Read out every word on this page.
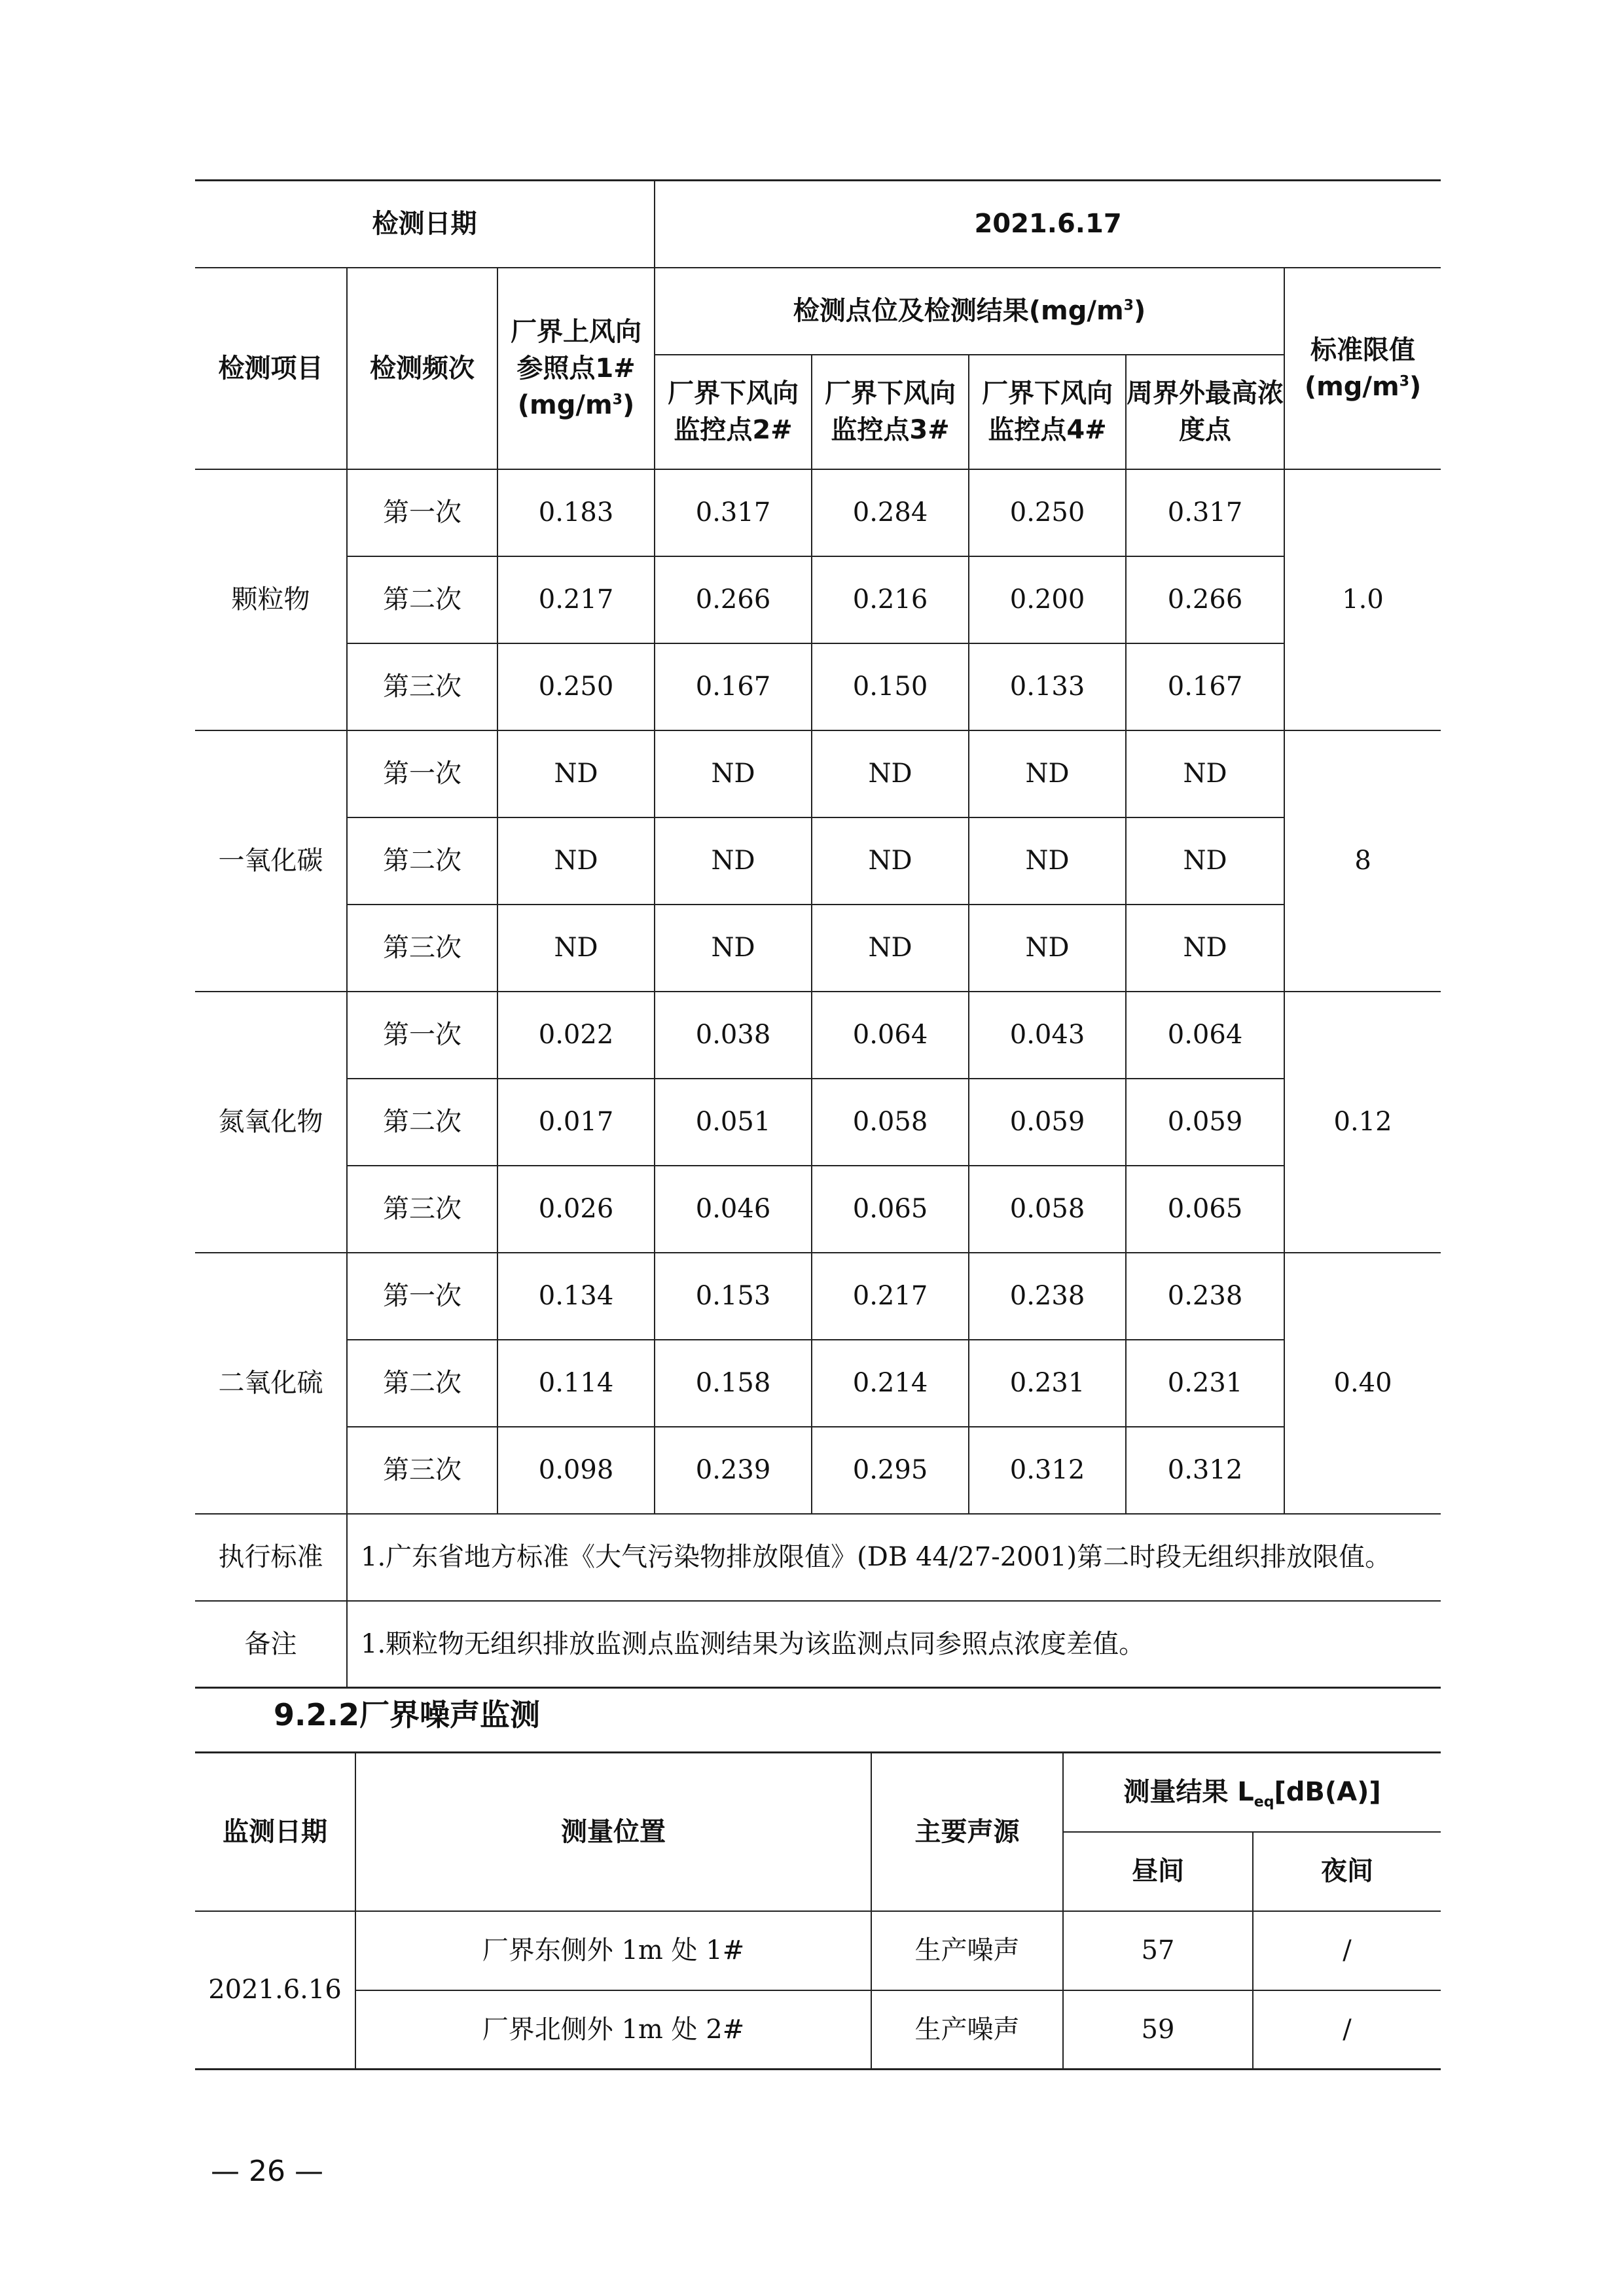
检测日期			2021.6.17				
检测项目	检测频次	厂界上风向参照点$1\#(mg/m^3)$	检测点位及检测结果$(mg/m^3)$				标准限值
$(mg/m^3)$
			厂界下风向监控点2#	厂界下风向监控点3#	厂界下风向监控点4#	周界外最高浓度点	
颗粒物	第一次	0.183	0.317	0.284	0.250	0.317	1.0
	第二次	0.217	0.266	0.216	0.200	0.266	
	第三次	0.250	0.167	0.150	0.133	0.167	
一氧化碳	第一次	ND	ND	ND	ND	ND	8
	第二次	ND	ND	ND	ND	ND	
	第三次	ND	ND	ND	ND	ND	
氮氧化物	第一次	0.022	0.038	0.064	0.043	0.064	0.12
	第二次	0.017	0.051	0.058	0.059	0.059	
	第三次	0.026	0.046	0.065	0.058	0.065	
二氧化硫	第一次	0.134	0.153	0.217	0.238	0.238	0.40
	第二次	0.114	0.158	0.214	0.231	0.231	
	第三次	0.098	0.239	0.295	0.312	0.312	
执行标准	1.广东省地方标准《大气污染物排放限值》(DB 44/27-2001)第二时段无组织排放限值。						
备注	1.颗粒物无组织排放监测点监测结果为该监测点同参照点浓度差值。						
9.2.2厂界噪声监测
监测日期	测量位置	主要声源	测量结果 $L_{eq}[dB(A)]$	
			昼间	夜间
2021.6.16	厂界东侧外 1m 处 1#	生产噪声	57	/
	厂界北侧外 1m 处 2#	生产噪声	59	/
— 26 —
